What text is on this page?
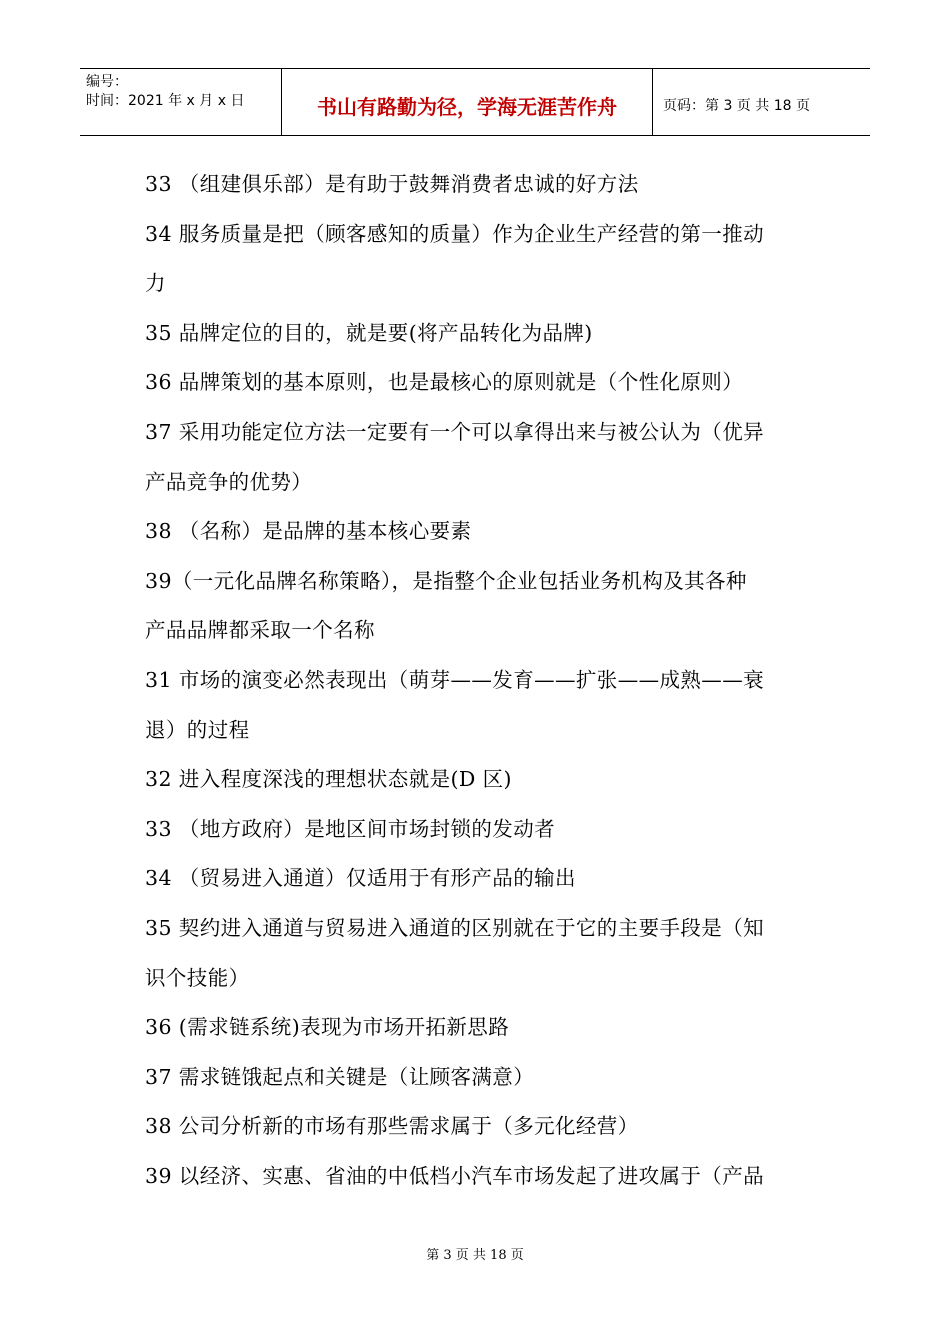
编号：
时间：2021 年 x 月 x 日	书山有路勤为径，学海无涯苦作舟	页码：第 3 页 共 18 页
33 （组建俱乐部）是有助于鼓舞消费者忠诚的好方法
34 服务质量是把（顾客感知的质量）作为企业生产经营的第一推动
力
35 品牌定位的目的，就是要(将产品转化为品牌)
36 品牌策划的基本原则，也是最核心的原则就是（个性化原则）
37 采用功能定位方法一定要有一个可以拿得出来与被公认为（优异
产品竞争的优势）
38 （名称）是品牌的基本核心要素
39（一元化品牌名称策略），是指整个企业包括业务机构及其各种
产品品牌都采取一个名称
31 市场的演变必然表现出（萌芽——发育——扩张——成熟——衰
退）的过程
32 进入程度深浅的理想状态就是(D 区)
33 （地方政府）是地区间市场封锁的发动者
34 （贸易进入通道）仅适用于有形产品的输出
35 契约进入通道与贸易进入通道的区别就在于它的主要手段是（知
识个技能）
36 (需求链系统)表现为市场开拓新思路
37 需求链饿起点和关键是（让顾客满意）
38 公司分析新的市场有那些需求属于（多元化经营）
39 以经济、实惠、省油的中低档小汽车市场发起了进攻属于（产品
第 3 页 共 18 页
